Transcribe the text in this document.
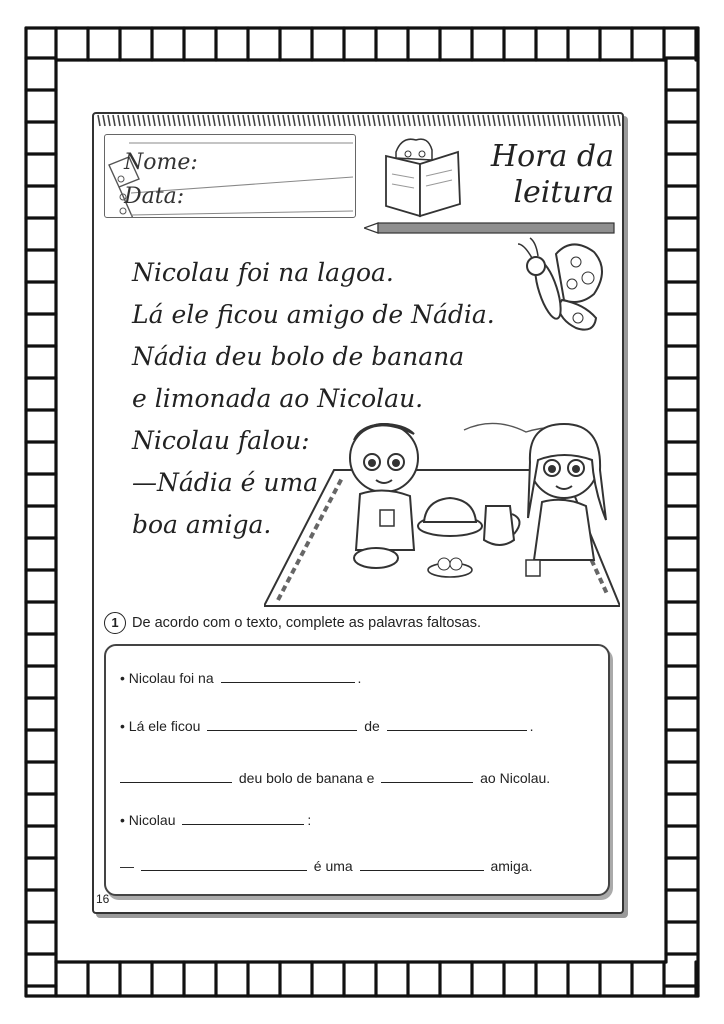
Nome:
Data:
Hora da
leitura
Nicolau foi na lagoa.
Lá ele ficou amigo de Nádia.
Nádia deu bolo de banana
e limonada ao Nicolau.
Nicolau falou:
—Nádia é uma
boa amiga.
1 De acordo com o texto, complete as palavras faltosas.
• Nicolau foi na	.
• Lá ele ficou	de	.
deu bolo de banana e	ao Nicolau.
• Nicolau	:
—	é uma	amiga.
16
